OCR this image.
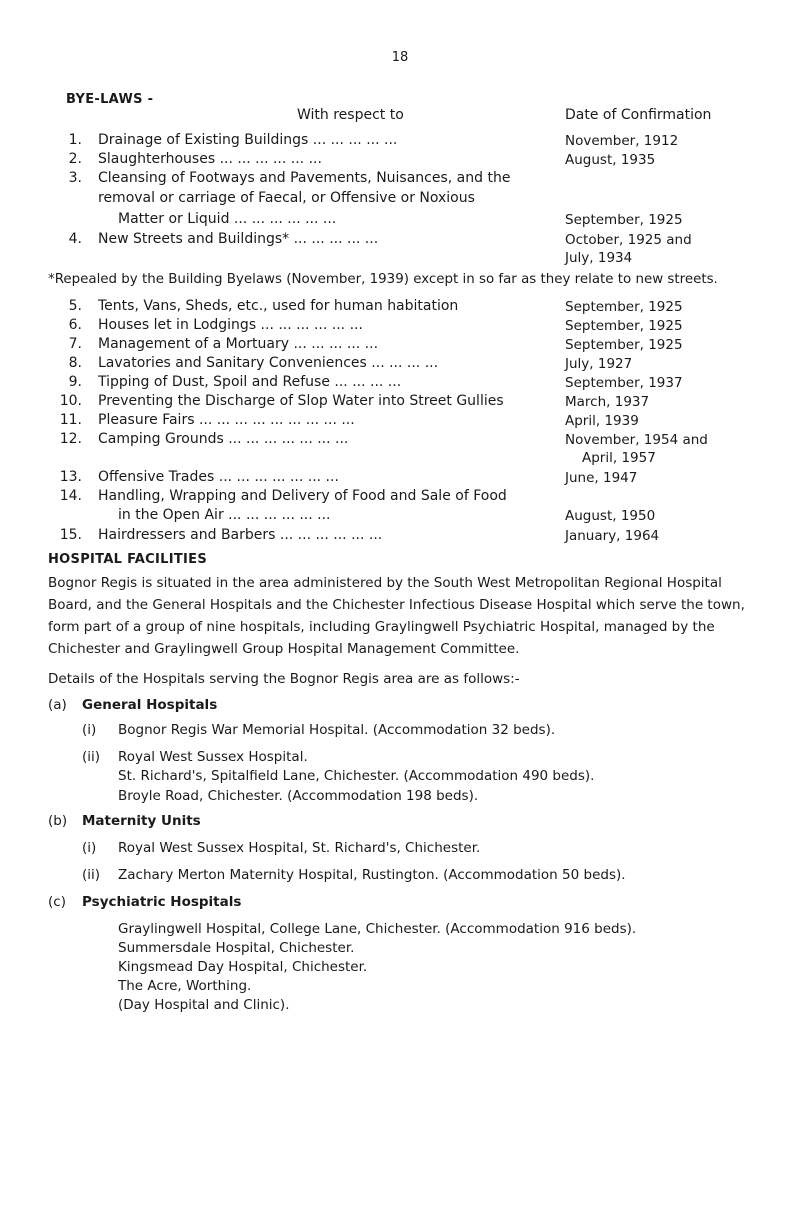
18
BYE-LAWS -
With respect to	Date of Confirmation
1. Drainage of Existing Buildings ... ... ... ... ...	November, 1912
2. Slaughterhouses ... ... ... ... ... ...	August, 1935
3. Cleansing of Footways and Pavements, Nuisances, and the
removal or carriage of Faecal, or Offensive or Noxious
Matter or Liquid ... ... ... ... ... ...	September, 1925
4. New Streets and Buildings* ... ... ... ... ...	October, 1925 and
July, 1934
*Repealed by the Building Byelaws (November, 1939) except in so far as they relate to new streets.
5. Tents, Vans, Sheds, etc., used for human habitation	September, 1925
6. Houses let in Lodgings ... ... ... ... ... ...	September, 1925
7. Management of a Mortuary ... ... ... ... ...	September, 1925
8. Lavatories and Sanitary Conveniences ... ... ... ...	July, 1927
9. Tipping of Dust, Spoil and Refuse ... ... ... ...	September, 1937
10. Preventing the Discharge of Slop Water into Street Gullies	March, 1937
11. Pleasure Fairs ... ... ... ... ... ... ... ... ...	April, 1939
12. Camping Grounds ... ... ... ... ... ... ...	November, 1954 and
April, 1957
13. Offensive Trades ... ... ... ... ... ... ...	June, 1947
14. Handling, Wrapping and Delivery of Food and Sale of Food
in the Open Air ... ... ... ... ... ...	August, 1950
15. Hairdressers and Barbers ... ... ... ... ... ...	January, 1964
HOSPITAL FACILITIES
Bognor Regis is situated in the area administered by the South West Metropolitan Regional Hospital Board, and the General Hospitals and the Chichester Infectious Disease Hospital which serve the town, form part of a group of nine hospitals, including Graylingwell Psychiatric Hospital, managed by the Chichester and Graylingwell Group Hospital Management Committee.
Details of the Hospitals serving the Bognor Regis area are as follows:-
(a) General Hospitals
(i) Bognor Regis War Memorial Hospital. (Accommodation 32 beds).
(ii) Royal West Sussex Hospital.
St. Richard's, Spitalfield Lane, Chichester. (Accommodation 490 beds).
Broyle Road, Chichester. (Accommodation 198 beds).
(b) Maternity Units
(i) Royal West Sussex Hospital, St. Richard's, Chichester.
(ii) Zachary Merton Maternity Hospital, Rustington. (Accommodation 50 beds).
(c) Psychiatric Hospitals
Graylingwell Hospital, College Lane, Chichester. (Accommodation 916 beds).
Summersdale Hospital, Chichester.
Kingsmead Day Hospital, Chichester.
The Acre, Worthing.
(Day Hospital and Clinic).
